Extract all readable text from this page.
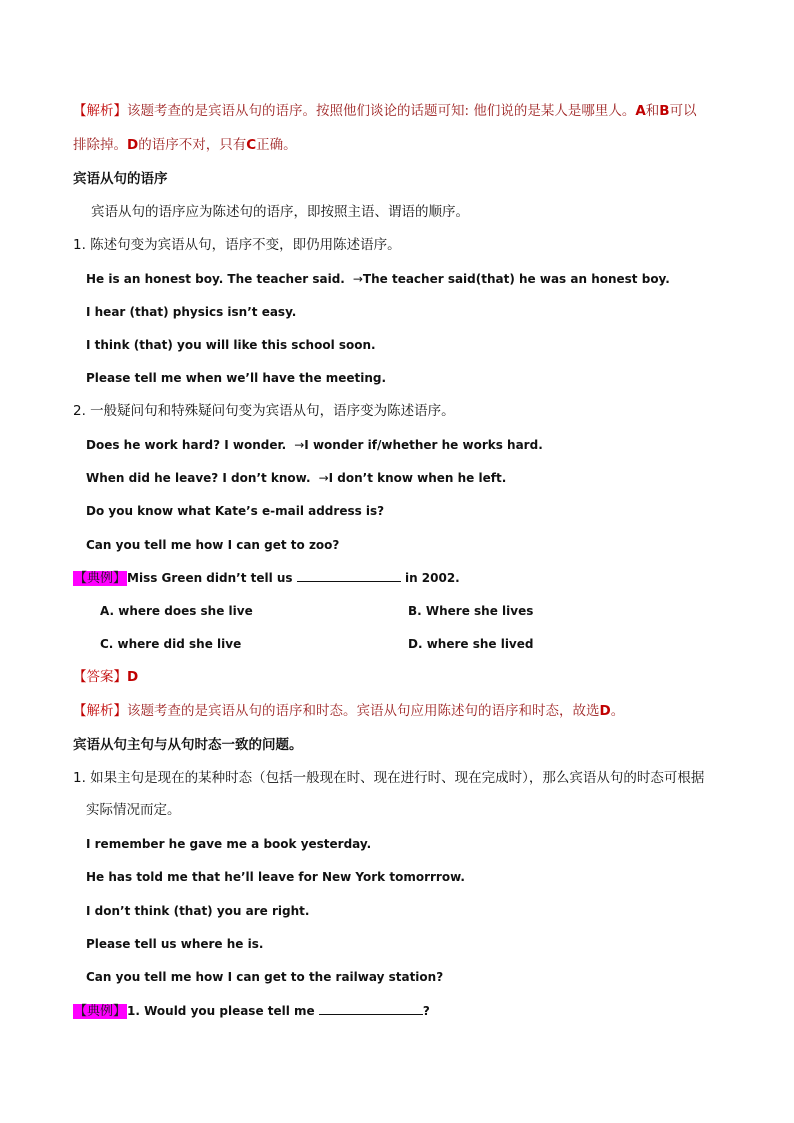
【解析】该题考查的是宾语从句的语序。按照他们谈论的话题可知: 他们说的是某人是哪里人。A和B可以
排除掉。D的语序不对，只有C正确。
宾语从句的语序
宾语从句的语序应为陈述句的语序，即按照主语、谓语的顺序。
1. 陈述句变为宾语从句，语序不变，即仍用陈述语序。
He is an honest boy. The teacher said.  →The teacher said(that) he was an honest boy.
I hear (that) physics isn’t easy.
I think (that) you will like this school soon.
Please tell me when we’ll have the meeting.
2. 一般疑问句和特殊疑问句变为宾语从句，语序变为陈述语序。
Does he work hard? I wonder.  →I wonder if/whether he works hard.
When did he leave? I don’t know.  →I don’t know when he left.
Do you know what Kate’s e-mail address is?
Can you tell me how I can get to zoo?
【典例】Miss Green didn’t tell us	in 2002.
A. where does she live	B. Where she lives
C. where did she live	D. where she lived
【答案】D
【解析】该题考查的是宾语从句的语序和时态。宾语从句应用陈述句的语序和时态，故选D。
宾语从句主句与从句时态一致的问题。
1. 如果主句是现在的某种时态（包括一般现在时、现在进行时、现在完成时），那么宾语从句的时态可根据
实际情况而定。
I remember he gave me a book yesterday.
He has told me that he’ll leave for New York tomorrrow.
I don’t think (that) you are right.
Please tell us where he is.
Can you tell me how I can get to the railway station?
【典例】1. Would you please tell me	?
